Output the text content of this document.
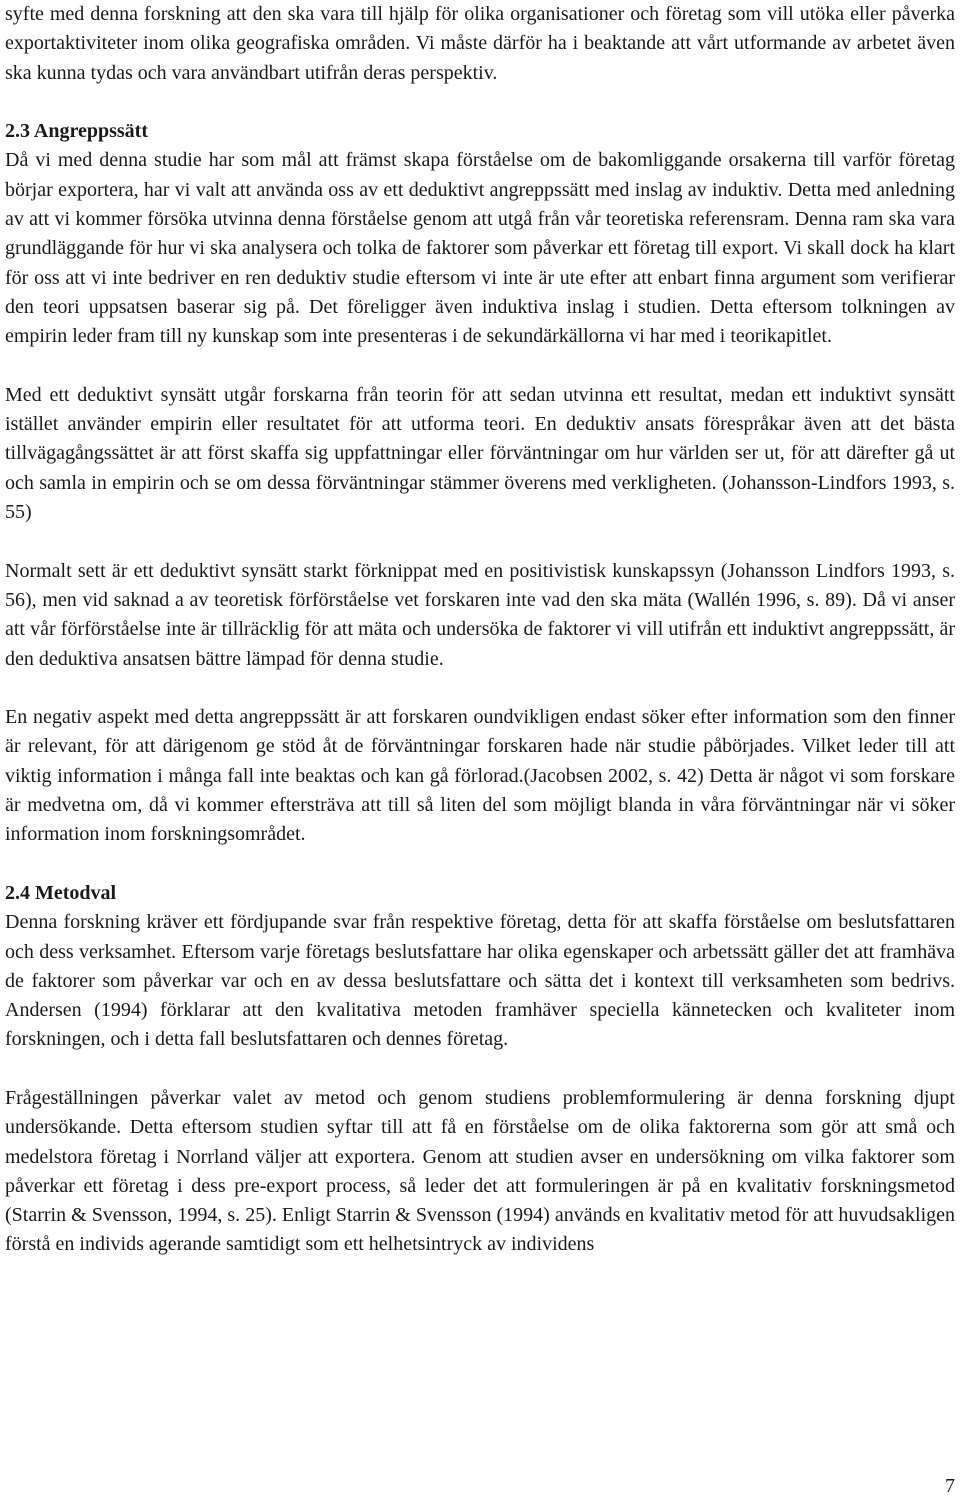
syfte med denna forskning att den ska vara till hjälp för olika organisationer och företag som vill utöka eller påverka exportaktiviteter inom olika geografiska områden. Vi måste därför ha i beaktande att vårt utformande av arbetet även ska kunna tydas och vara användbart utifrån deras perspektiv.

2.3 Angreppssätt

Då vi med denna studie har som mål att främst skapa förståelse om de bakomliggande orsakerna till varför företag börjar exportera, har vi valt att använda oss av ett deduktivt angreppssätt med inslag av induktiv. Detta med anledning av att vi kommer försöka utvinna denna förståelse genom att utgå från vår teoretiska referensram. Denna ram ska vara grundläggande för hur vi ska analysera och tolka de faktorer som påverkar ett företag till export. Vi skall dock ha klart för oss att vi inte bedriver en ren deduktiv studie eftersom vi inte är ute efter att enbart finna argument som verifierar den teori uppsatsen baserar sig på. Det föreligger även induktiva inslag i studien. Detta eftersom tolkningen av empirin leder fram till ny kunskap som inte presenteras i de sekundärkällorna vi har med i teorikapitlet.

Med ett deduktivt synsätt utgår forskarna från teorin för att sedan utvinna ett resultat, medan ett induktivt synsätt istället använder empirin eller resultatet för att utforma teori. En deduktiv ansats förespråkar även att det bästa tillvägagångssättet är att först skaffa sig uppfattningar eller förväntningar om hur världen ser ut, för att därefter gå ut och samla in empirin och se om dessa förväntningar stämmer överens med verkligheten. (Johansson-Lindfors 1993, s. 55)

Normalt sett är ett deduktivt synsätt starkt förknippat med en positivistisk kunskapssyn (Johansson Lindfors 1993, s. 56), men vid saknad a av teoretisk förförståelse vet forskaren inte vad den ska mäta (Wallén 1996, s. 89). Då vi anser att vår förförståelse inte är tillräcklig för att mäta och undersöka de faktorer vi vill utifrån ett induktivt angreppssätt, är den deduktiva ansatsen bättre lämpad för denna studie.

En negativ aspekt med detta angreppssätt är att forskaren oundvikligen endast söker efter information som den finner är relevant, för att därigenom ge stöd åt de förväntningar forskaren hade när studie påbörjades. Vilket leder till att viktig information i många fall inte beaktas och kan gå förlorad.(Jacobsen 2002, s. 42) Detta är något vi som forskare är medvetna om, då vi kommer eftersträva att till så liten del som möjligt blanda in våra förväntningar när vi söker information inom forskningsområdet.

2.4 Metodval

Denna forskning kräver ett fördjupande svar från respektive företag, detta för att skaffa förståelse om beslutsfattaren och dess verksamhet. Eftersom varje företags beslutsfattare har olika egenskaper och arbetssätt gäller det att framhäva de faktorer som påverkar var och en av dessa beslutsfattare och sätta det i kontext till verksamheten som bedrivs. Andersen (1994) förklarar att den kvalitativa metoden framhäver speciella kännetecken och kvaliteter inom forskningen, och i detta fall beslutsfattaren och dennes företag.

Frågeställningen påverkar valet av metod och genom studiens problemformulering är denna forskning djupt undersökande. Detta eftersom studien syftar till att få en förståelse om de olika faktorerna som gör att små och medelstora företag i Norrland väljer att exportera. Genom att studien avser en undersökning om vilka faktorer som påverkar ett företag i dess pre-export process, så leder det att formuleringen är på en kvalitativ forskningsmetod (Starrin & Svensson, 1994, s. 25). Enligt Starrin & Svensson (1994) används en kvalitativ metod för att huvudsakligen förstå en individs agerande samtidigt som ett helhetsintryck av individens

7
